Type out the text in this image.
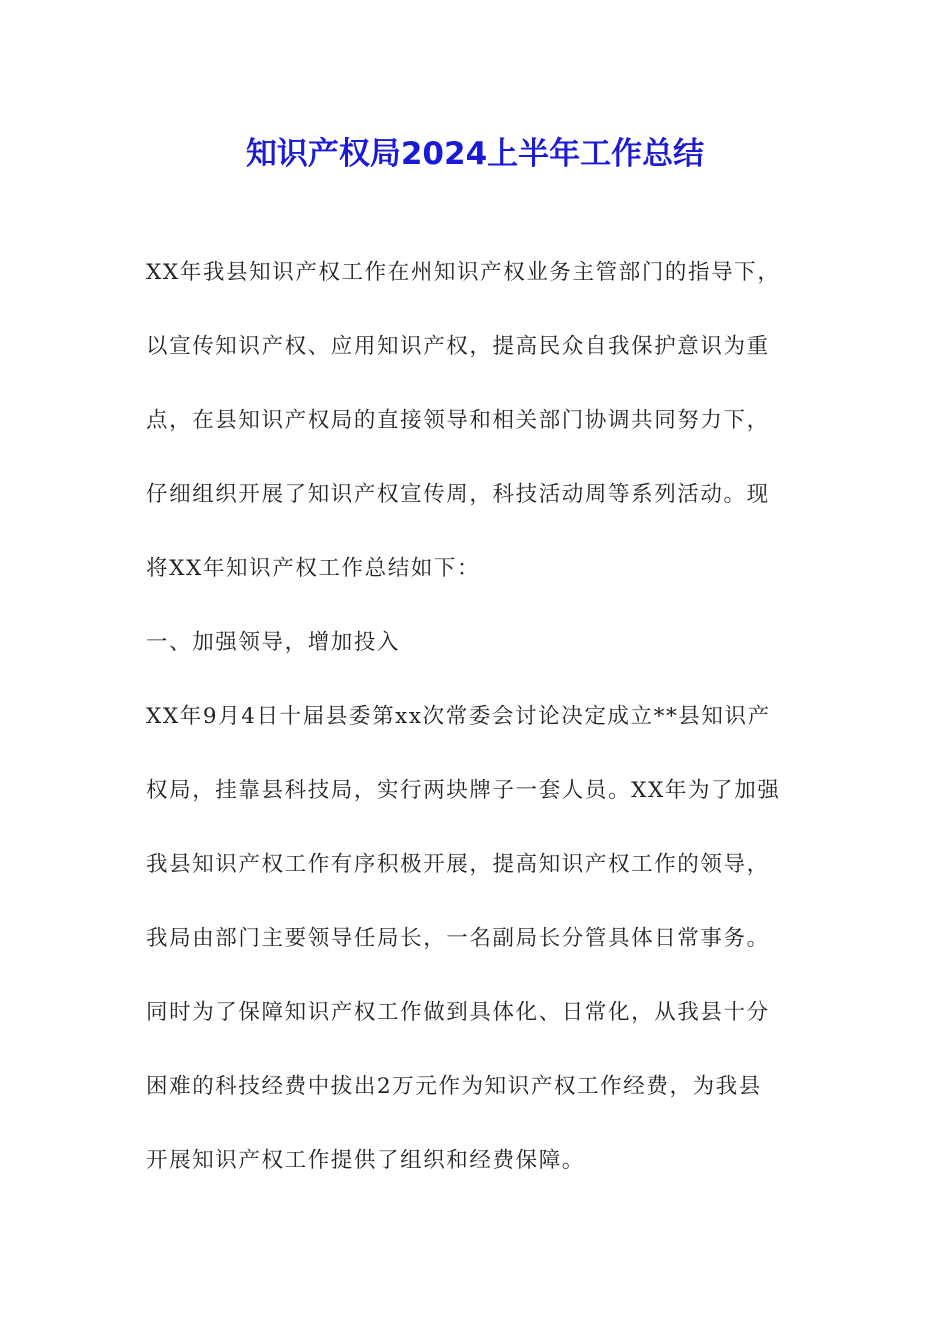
知识产权局2024上半年工作总结
XX年我县知识产权工作在州知识产权业务主管部门的指导下，
以宣传知识产权、应用知识产权，提高民众自我保护意识为重
点，在县知识产权局的直接领导和相关部门协调共同努力下，
仔细组织开展了知识产权宣传周，科技活动周等系列活动。现
将XX年知识产权工作总结如下：
一、加强领导，增加投入
XX年9月4日十届县委第xx次常委会讨论决定成立**县知识产
权局，挂靠县科技局，实行两块牌子一套人员。XX年为了加强
我县知识产权工作有序积极开展，提高知识产权工作的领导，
我局由部门主要领导任局长，一名副局长分管具体日常事务。
同时为了保障知识产权工作做到具体化、日常化，从我县十分
困难的科技经费中拔出2万元作为知识产权工作经费，为我县
开展知识产权工作提供了组织和经费保障。
